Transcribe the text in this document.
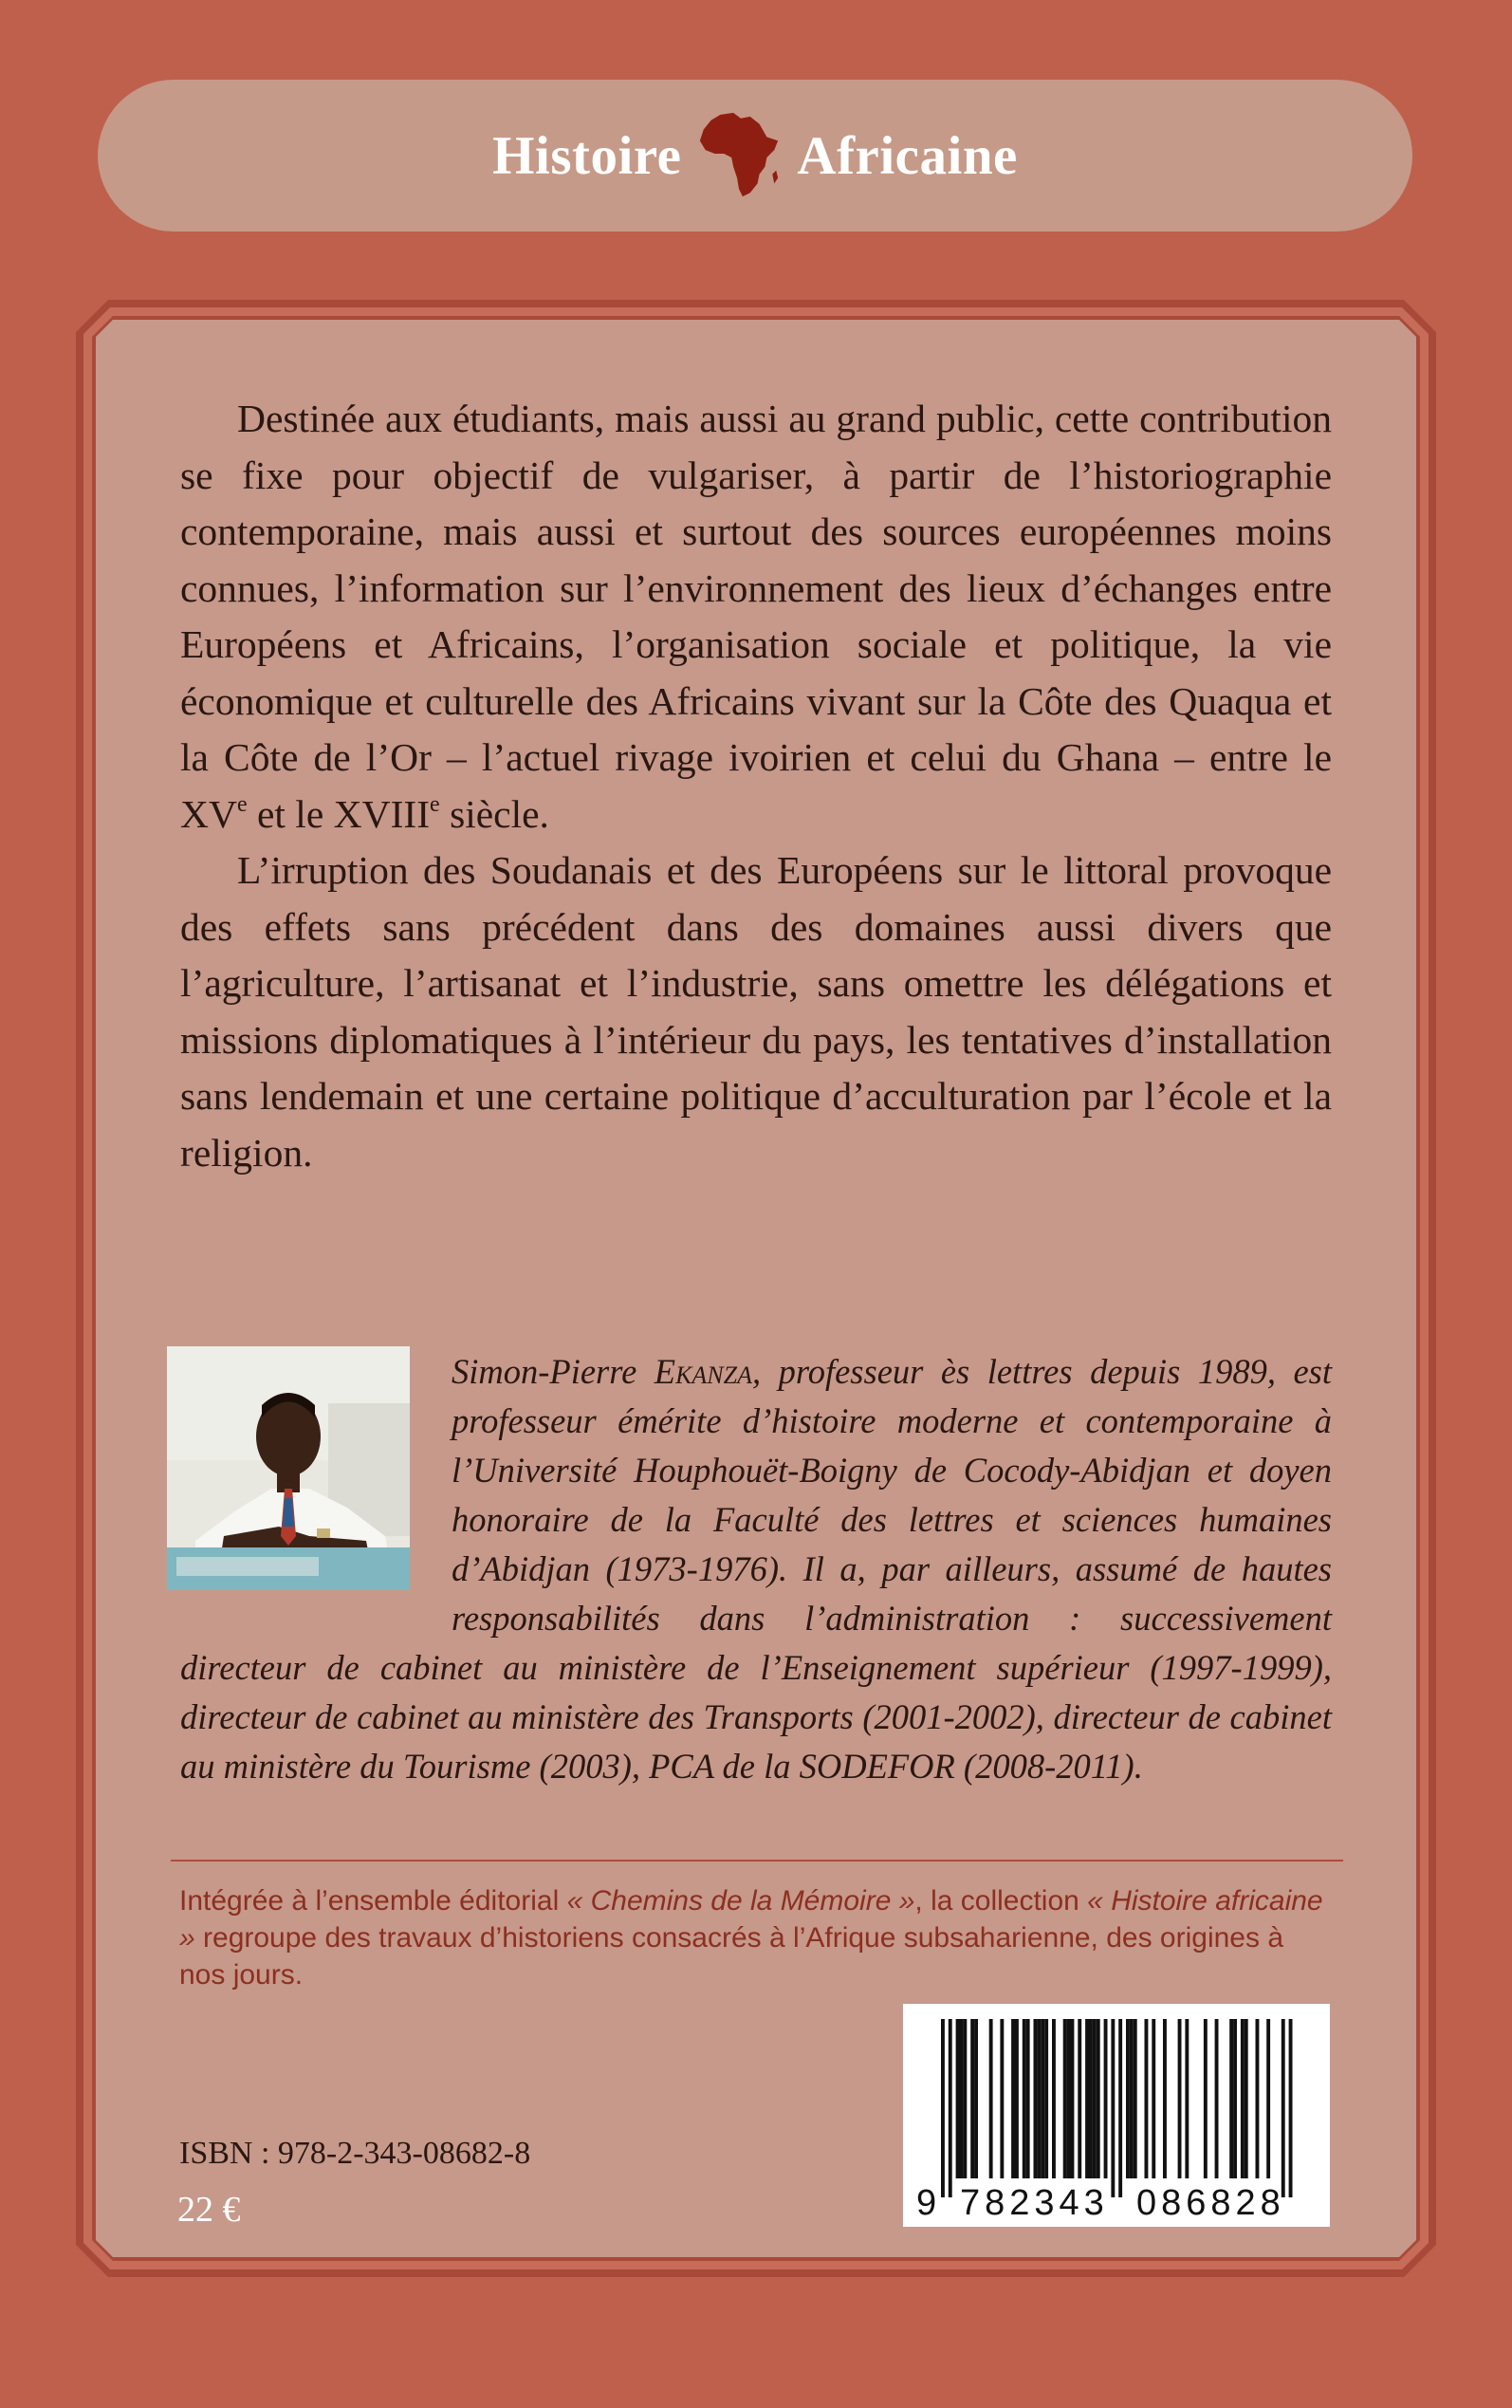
Histoire Africaine

Destinée aux étudiants, mais aussi au grand public, cette contribution se fixe pour objectif de vulgariser, à partir de l’historiographie contemporaine, mais aussi et surtout des sources européennes moins connues, l’information sur l’environnement des lieux d’échanges entre Européens et Africains, l’organisation sociale et politique, la vie économique et culturelle des Africains vivant sur la Côte des Quaqua et la Côte de l’Or – l’actuel rivage ivoirien et celui du Ghana – entre le XVe et le XVIIIe siècle.

L’irruption des Soudanais et des Européens sur le littoral provoque des effets sans précédent dans des domaines aussi divers que l’agriculture, l’artisanat et l’industrie, sans omettre les délégations et missions diplomatiques à l’intérieur du pays, les tentatives d’installation sans lendemain et une certaine politique d’acculturation par l’école et la religion.

Simon-Pierre Ekanza, professeur ès lettres depuis 1989, est professeur émérite d’histoire moderne et contemporaine à l’Université Houphouët-Boigny de Cocody-Abidjan et doyen honoraire de la Faculté des lettres et sciences humaines d’Abidjan (1973-1976). Il a, par ailleurs, assumé de hautes responsabilités dans l’administration : successivement directeur de cabinet au ministère de l’Enseignement supérieur (1997-1999), directeur de cabinet au ministère des Transports (2001-2002), directeur de cabinet au ministère du Tourisme (2003), PCA de la SODEFOR (2008-2011).
Intégrée à l’ensemble éditorial « Chemins de la Mémoire », la collection « Histoire africaine » regroupe des travaux d’historiens consacrés à l’Afrique subsaharienne, des origines à nos jours.
9 782343 086828
ISBN : 978-2-343-08682-8
22 €
